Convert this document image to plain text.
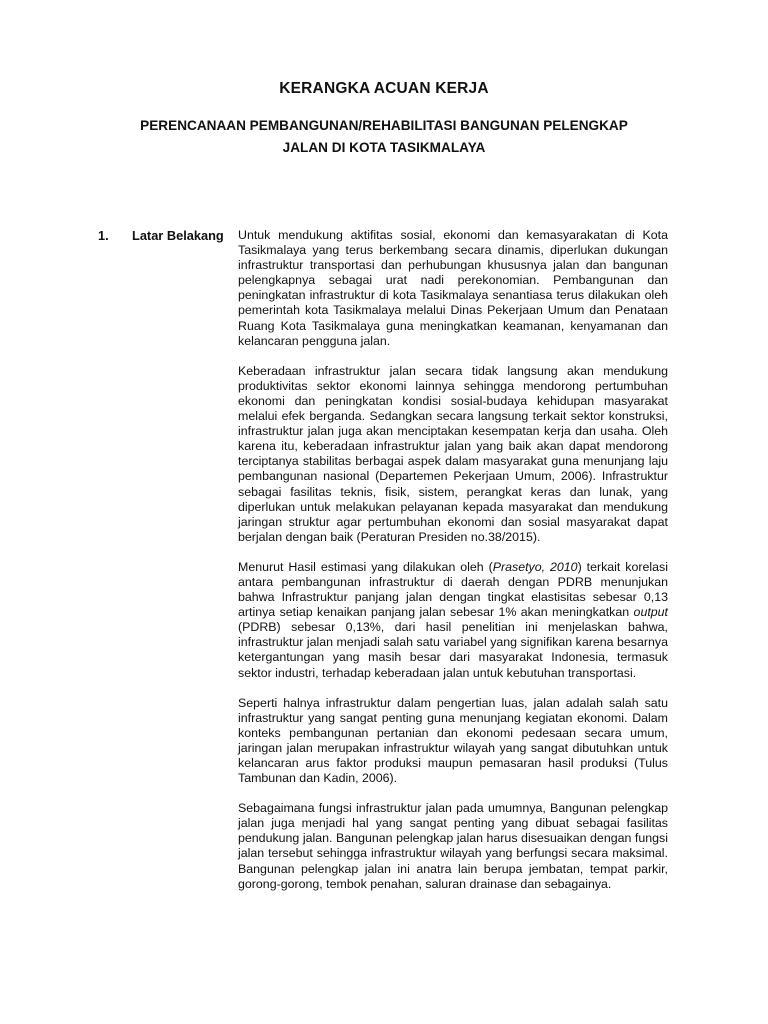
KERANGKA ACUAN KERJA
PERENCANAAN PEMBANGUNAN/REHABILITASI BANGUNAN PELENGKAP
JALAN DI KOTA TASIKMALAYA
1. Latar Belakang Untuk mendukung aktifitas sosial, ekonomi dan kemasyarakatan di Kota Tasikmalaya yang terus berkembang secara dinamis, diperlukan dukungan infrastruktur transportasi dan perhubungan khususnya jalan dan bangunan pelengkapnya sebagai urat nadi perekonomian. Pembangunan dan peningkatan infrastruktur di kota Tasikmalaya senantiasa terus dilakukan oleh pemerintah kota Tasikmalaya melalui Dinas Pekerjaan Umum dan Penataan Ruang Kota Tasikmalaya guna meningkatkan keamanan, kenyamanan dan kelancaran pengguna jalan.

Keberadaan infrastruktur jalan secara tidak langsung akan mendukung produktivitas sektor ekonomi lainnya sehingga mendorong pertumbuhan ekonomi dan peningkatan kondisi sosial-budaya kehidupan masyarakat melalui efek berganda. Sedangkan secara langsung terkait sektor konstruksi, infrastruktur jalan juga akan menciptakan kesempatan kerja dan usaha. Oleh karena itu, keberadaan infrastruktur jalan yang baik akan dapat mendorong terciptanya stabilitas berbagai aspek dalam masyarakat guna menunjang laju pembangunan nasional (Departemen Pekerjaan Umum, 2006). Infrastruktur sebagai fasilitas teknis, fisik, sistem, perangkat keras dan lunak, yang diperlukan untuk melakukan pelayanan kepada masyarakat dan mendukung jaringan struktur agar pertumbuhan ekonomi dan sosial masyarakat dapat berjalan dengan baik (Peraturan Presiden no.38/2015).

Menurut Hasil estimasi yang dilakukan oleh (Prasetyo, 2010) terkait korelasi antara pembangunan infrastruktur di daerah dengan PDRB menunjukan bahwa Infrastruktur panjang jalan dengan tingkat elastisitas sebesar 0,13 artinya setiap kenaikan panjang jalan sebesar 1% akan meningkatkan output (PDRB) sebesar 0,13%, dari hasil penelitian ini menjelaskan bahwa, infrastruktur jalan menjadi salah satu variabel yang signifikan karena besarnya ketergantungan yang masih besar dari masyarakat Indonesia, termasuk sektor industri, terhadap keberadaan jalan untuk kebutuhan transportasi.

Seperti halnya infrastruktur dalam pengertian luas, jalan adalah salah satu infrastruktur yang sangat penting guna menunjang kegiatan ekonomi. Dalam konteks pembangunan pertanian dan ekonomi pedesaan secara umum, jaringan jalan merupakan infrastruktur wilayah yang sangat dibutuhkan untuk kelancaran arus faktor produksi maupun pemasaran hasil produksi (Tulus Tambunan dan Kadin, 2006).

Sebagaimana fungsi infrastruktur jalan pada umumnya, Bangunan pelengkap jalan juga menjadi hal yang sangat penting yang dibuat sebagai fasilitas pendukung jalan. Bangunan pelengkap jalan harus disesuaikan dengan fungsi jalan tersebut sehingga infrastruktur wilayah yang berfungsi secara maksimal. Bangunan pelengkap jalan ini anatra lain berupa jembatan, tempat parkir, gorong-gorong, tembok penahan, saluran drainase dan sebagainya.
